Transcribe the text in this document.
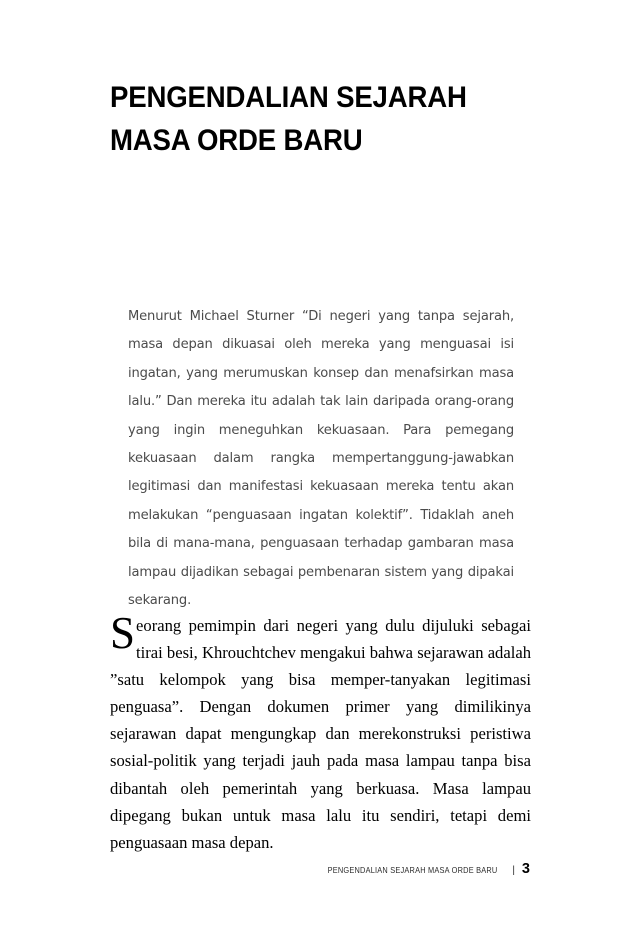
PENGENDALIAN SEJARAH
MASA ORDE BARU

Menurut Michael Sturner “Di negeri yang tanpa sejarah, masa depan dikuasai oleh mereka yang menguasai isi ingatan, yang merumuskan konsep dan menafsirkan masa lalu.” Dan mereka itu adalah tak lain daripada orang-orang yang ingin meneguhkan kekuasaan. Para pemegang kekuasaan dalam rangka mempertanggung-jawabkan legitimasi dan manifestasi kekuasaan mereka tentu akan melakukan “penguasaan ingatan kolektif”. Tidaklah aneh bila di mana-mana, penguasaan terhadap gambaran masa lampau dijadikan sebagai pembenaran sistem yang dipakai sekarang.

Seorang pemimpin dari negeri yang dulu dijuluki sebagai tirai besi, Khrouchtchev mengakui bahwa sejarawan adalah ”satu kelompok yang bisa memper-tanyakan legitimasi penguasa”. Dengan dokumen primer yang dimilikinya sejarawan dapat mengungkap dan merekonstruksi peristiwa sosial-politik yang terjadi jauh pada masa lampau tanpa bisa dibantah oleh pemerintah yang berkuasa. Masa lampau dipegang bukan untuk masa lalu itu sendiri, tetapi demi penguasaan masa depan.

PENGENDALIAN SEJARAH MASA ORDE BARU | 3
